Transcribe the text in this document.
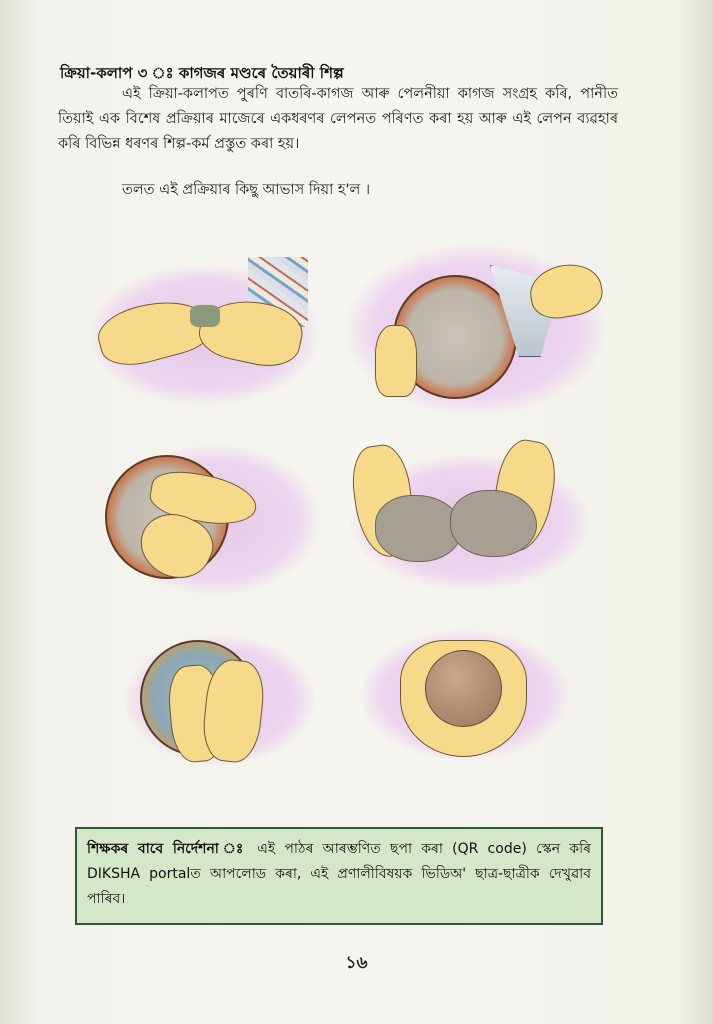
ক্রিয়া-কলাপ ৩ ঃ কাগজৰ মণ্ডৰে তৈয়াৰী শিল্প
এই ক্রিয়া-কলাপত পুৰণি বাতৰি-কাগজ আৰু পেলনীয়া কাগজ সংগ্ৰহ কৰি, পানীত তিয়াই এক বিশেষ প্রক্রিয়াৰ মাজেৰে একধৰণৰ লেপনত পৰিণত কৰা হয় আৰু এই লেপন ব্যৱহাৰ কৰি বিভিন্ন ধৰণৰ শিল্প-কর্ম প্রস্তুত কৰা হয়।
তলত এই প্রক্রিয়াৰ কিছু আভাস দিয়া হ'ল ।
শিক্ষকৰ বাবে নির্দেশনা ঃ এই পাঠৰ আৰম্ভণিত ছপা কৰা (QR code) স্কেন কৰি DIKSHA portalত আপলোড কৰা, এই প্রণালীবিষয়ক ভিডিঅ' ছাত্র-ছাত্রীক দেখুৱাব পাৰিব।
১৬
